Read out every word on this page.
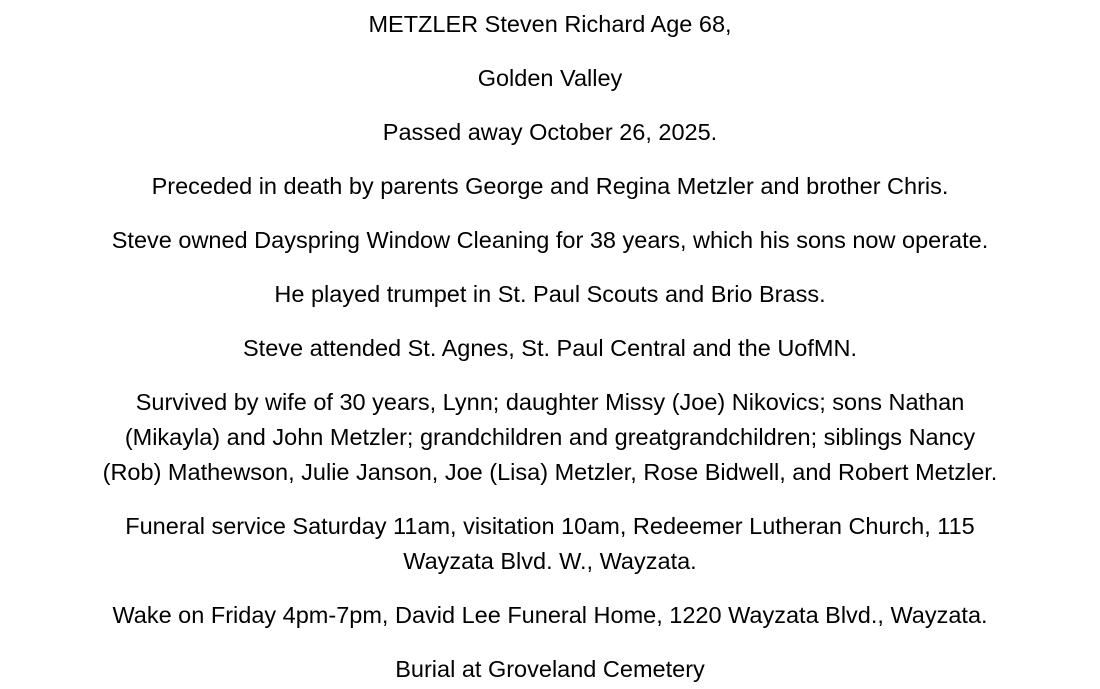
METZLER Steven Richard Age 68,

Golden Valley

Passed away October 26, 2025.

Preceded in death by parents George and Regina Metzler and brother Chris.

Steve owned Dayspring Window Cleaning for 38 years, which his sons now operate.

He played trumpet in St. Paul Scouts and Brio Brass.

Steve attended St. Agnes, St. Paul Central and the UofMN.

Survived by wife of 30 years, Lynn; daughter Missy (Joe) Nikovics; sons Nathan
(Mikayla) and John Metzler; grandchildren and greatgrandchildren; siblings Nancy
(Rob) Mathewson, Julie Janson, Joe (Lisa) Metzler, Rose Bidwell, and Robert Metzler.

Funeral service Saturday 11am, visitation 10am, Redeemer Lutheran Church, 115
Wayzata Blvd. W., Wayzata.

Wake on Friday 4pm-7pm, David Lee Funeral Home, 1220 Wayzata Blvd., Wayzata.

Burial at Groveland Cemetery
